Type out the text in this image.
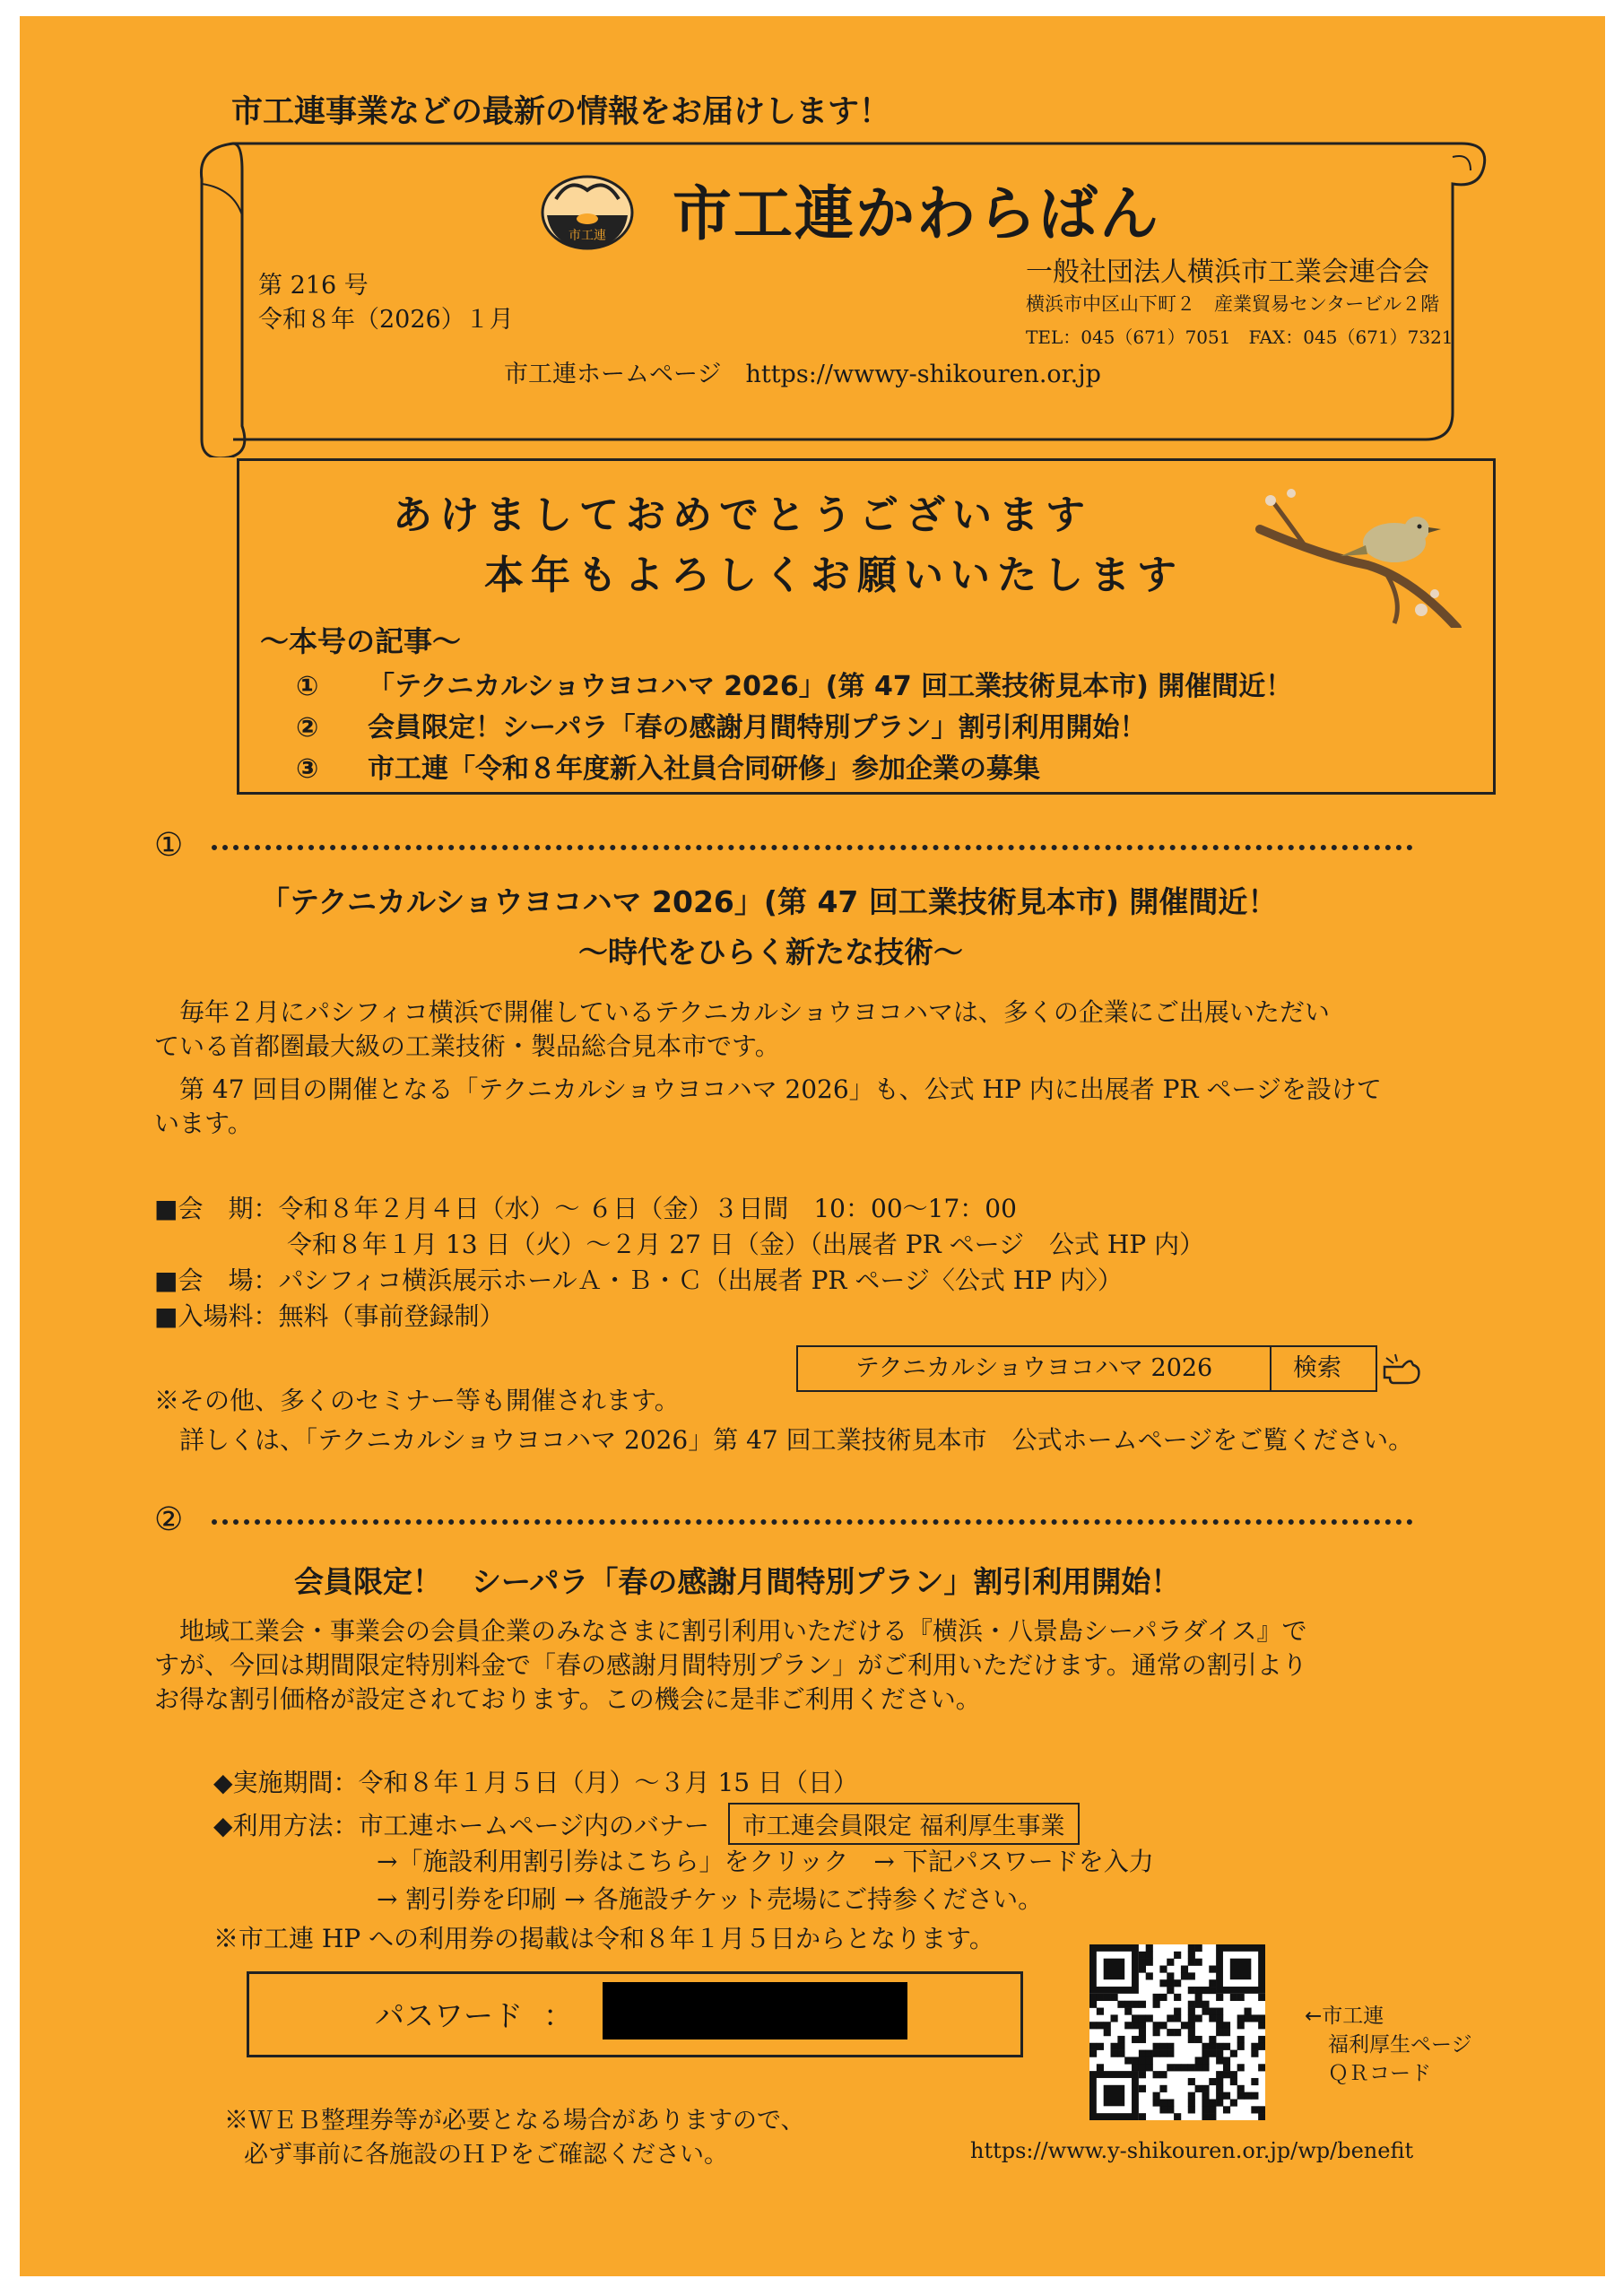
市工連事業などの最新の情報をお届けします！
市工連 市工連かわらばん
第 216 号
令和８年（2026）１月
一般社団法人横浜市工業会連合会
横浜市中区山下町２　産業貿易センタービル２階
TEL：045（671）7051　FAX：045（671）7321
市工連ホームページ　https://wwwy-shikouren.or.jp
あけましておめでとうございます
本年もよろしくお願いいたします
～本号の記事～
① 「テクニカルショウヨコハマ 2026」(第 47 回工業技術見本市) 開催間近！
② 会員限定！シーパラ「春の感謝月間特別プラン」割引利用開始！
③ 市工連「令和８年度新入社員合同研修」参加企業の募集
①
「テクニカルショウヨコハマ 2026」(第 47 回工業技術見本市) 開催間近！
～時代をひらく新たな技術～
　毎年２月にパシフィコ横浜で開催しているテクニカルショウヨコハマは、多くの企業にご出展いただい
ている首都圏最大級の工業技術・製品総合見本市です。
　第 47 回目の開催となる「テクニカルショウヨコハマ 2026」も、公式 HP 内に出展者 PR ページを設けて
います。
■会　期：令和８年２月４日（水）～ ６日（金）３日間　10：00～17：00
令和８年１月 13 日（火）～２月 27 日（金）（出展者 PR ページ　公式 HP 内）
■会　場：パシフィコ横浜展示ホールＡ・Ｂ・Ｃ（出展者 PR ページ〈公式 HP 内〉）
■入場料：無料（事前登録制）
テクニカルショウヨコハマ 2026	検索
※その他、多くのセミナー等も開催されます。
　詳しくは、「テクニカルショウヨコハマ 2026」第 47 回工業技術見本市　公式ホームページをご覧ください。
②
会員限定！　シーパラ「春の感謝月間特別プラン」割引利用開始！
　地域工業会・事業会の会員企業のみなさまに割引利用いただける『横浜・八景島シーパラダイス』で
すが、今回は期間限定特別料金で「春の感謝月間特別プラン」がご利用いただけます。通常の割引より
お得な割引価格が設定されております。この機会に是非ご利用ください。
◆実施期間：令和８年１月５日（月）～３月 15 日（日）
◆利用方法：市工連ホームページ内のバナー 市工連会員限定 福利厚生事業
→「施設利用割引券はこちら」をクリック　→ 下記パスワードを入力
→ 割引券を印刷 → 各施設チケット売場にご持参ください。
※市工連 HP への利用券の掲載は令和８年１月５日からとなります。
パスワード ：	←市工連
福利厚生ページ
ＱＲコード
※ＷＥＢ整理券等が必要となる場合がありますので、
必ず事前に各施設のＨＰをご確認ください。	https://www.y-shikouren.or.jp/wp/benefit
